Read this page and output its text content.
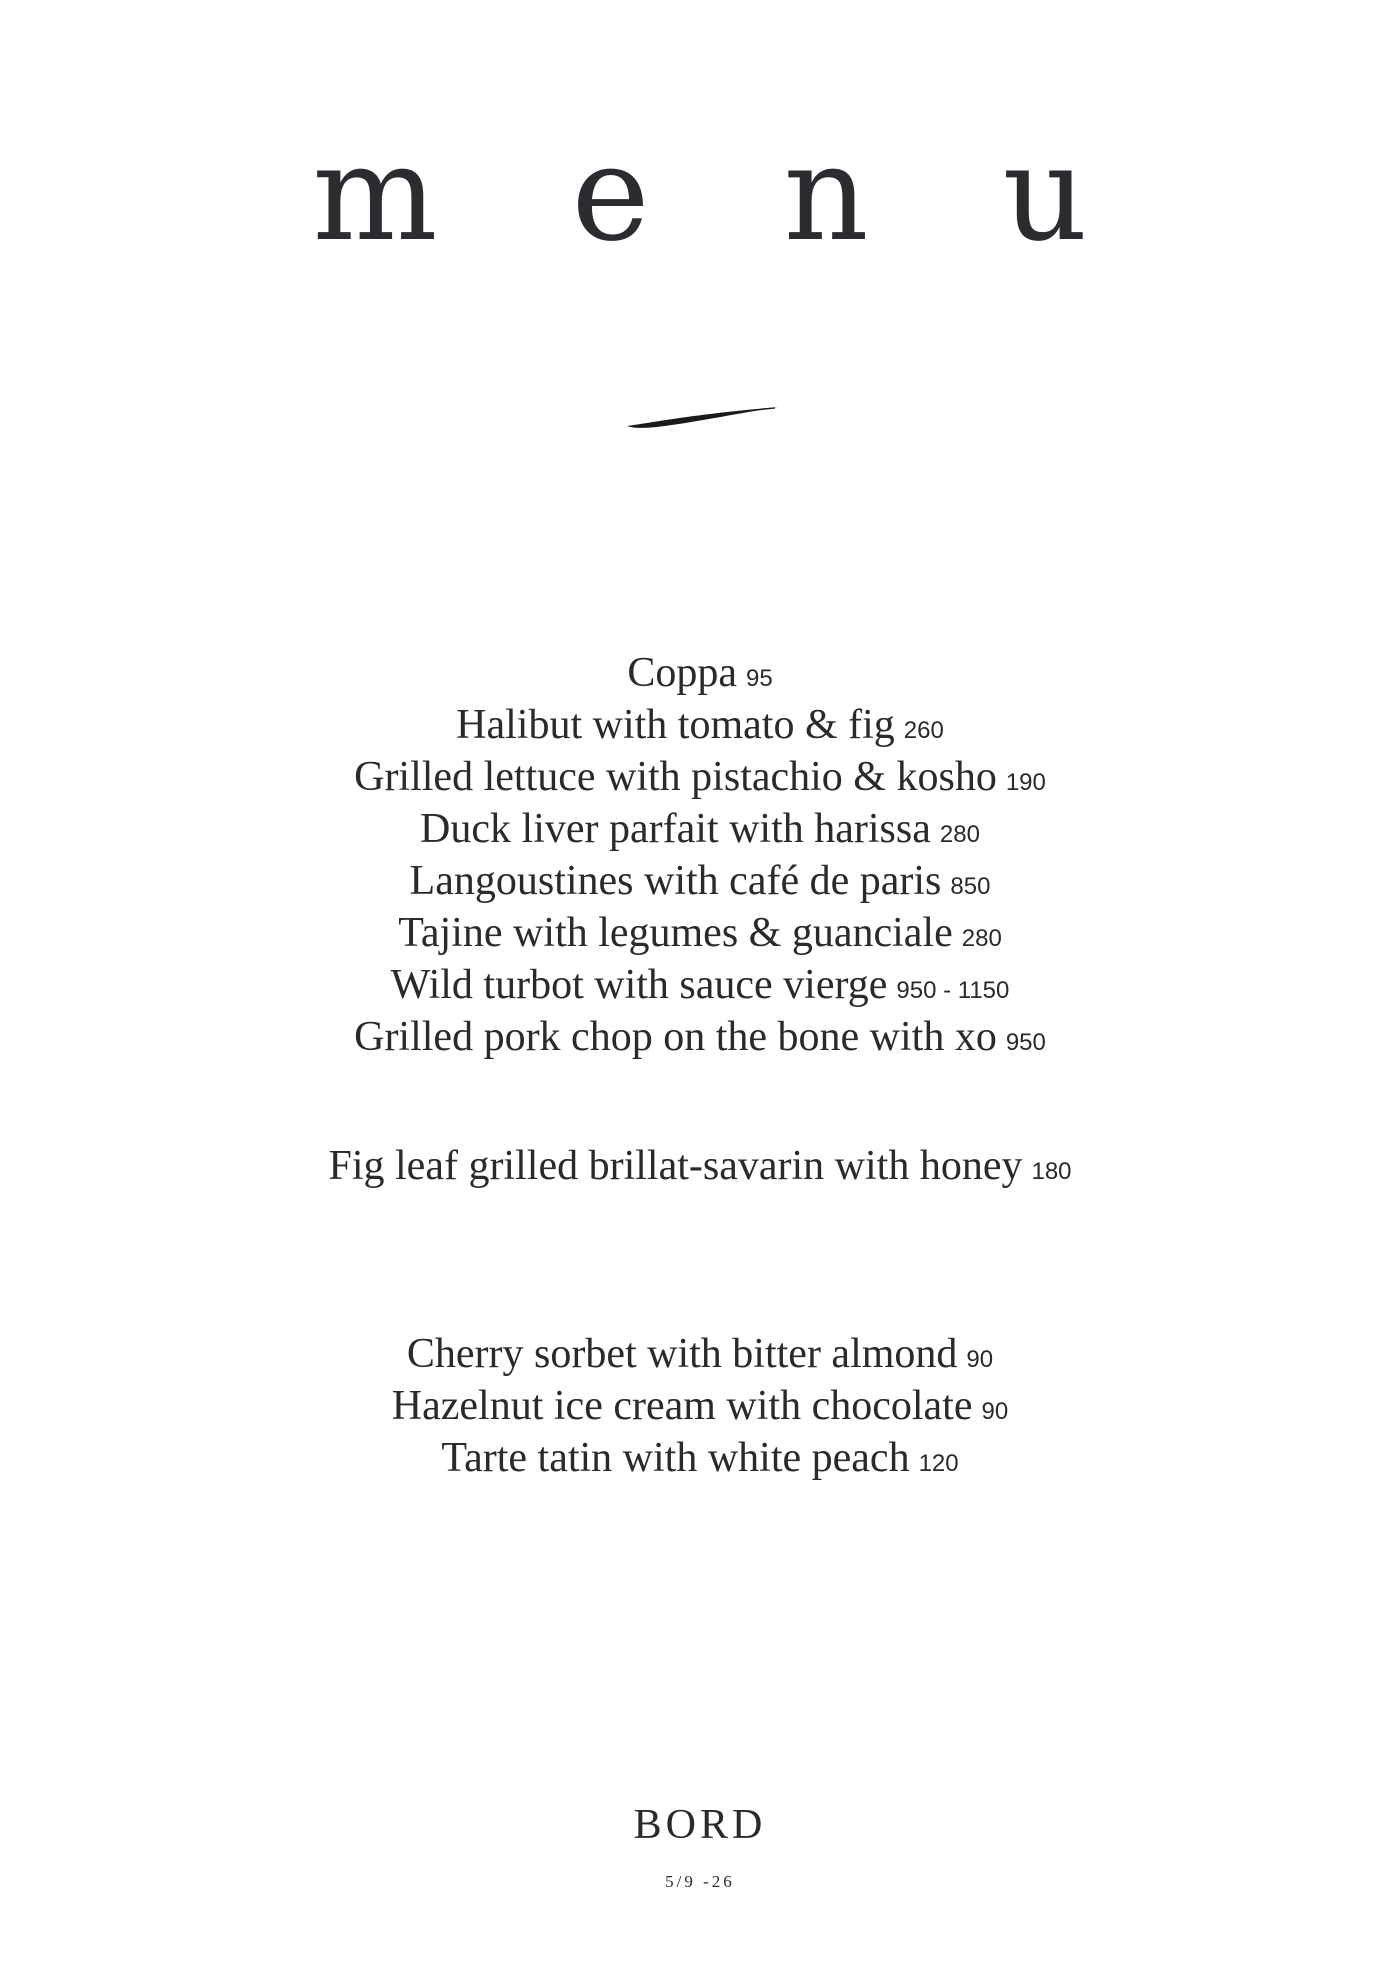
m e n u
Coppa 95
Halibut with tomato & fig 260
Grilled lettuce with pistachio & kosho 190
Duck liver parfait with harissa 280
Langoustines with café de paris 850
Tajine with legumes & guanciale 280
Wild turbot with sauce vierge 950 - 1150
Grilled pork chop on the bone with xo 950
Fig leaf grilled brillat-savarin with honey 180
Cherry sorbet with bitter almond 90
Hazelnut ice cream with chocolate 90
Tarte tatin with white peach 120
BORD
5/9 -26
